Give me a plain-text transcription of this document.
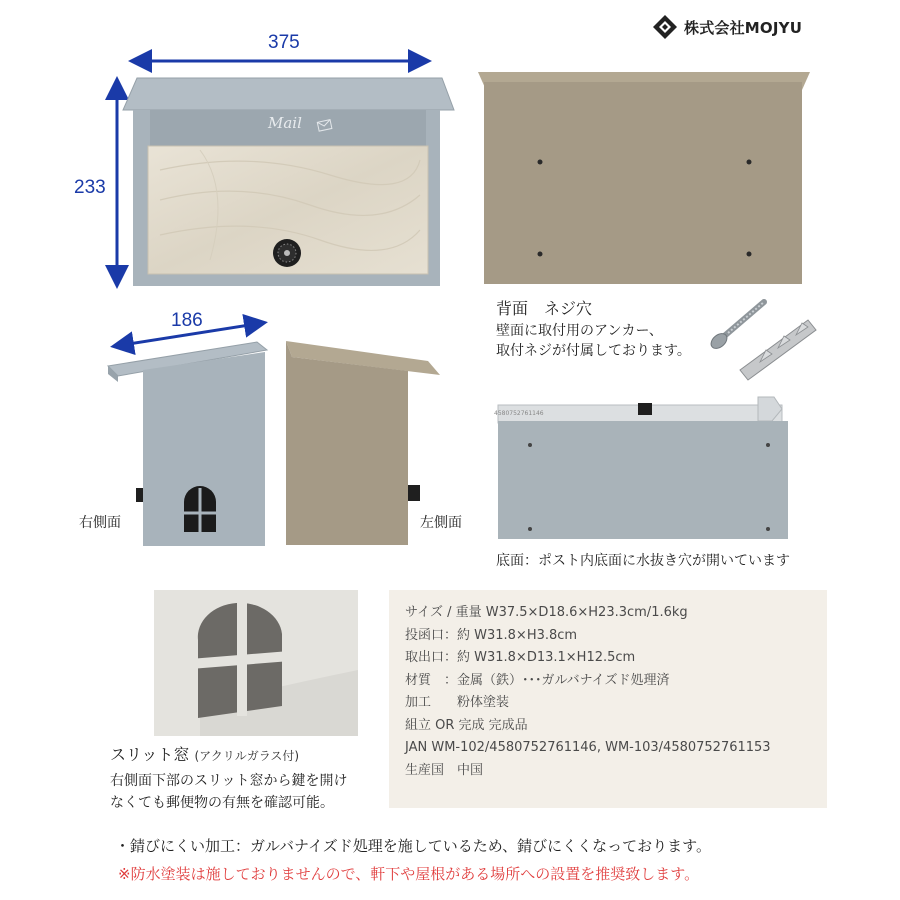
株式会社MOJYU
Mail
375
233
背面　ネジ穴
壁面に取付用のアンカー、
取付ネジが付属しております。
186
右側面	左側面
4580752761146
底面：ポスト内底面に水抜き穴が開いています
スリット窓 (アクリルガラス付)
右側面下部のスリット窓から鍵を開け
なくても郵便物の有無を確認可能。
サイズ / 重量 W37.5×D18.6×H23.3cm/1.6kg
投函口：約 W31.8×H3.8cm
取出口：約 W31.8×D13.1×H12.5cm
材質　：金属（鉄）･･･ガルバナイズド処理済
加工　　粉体塗装
組立 OR 完成 完成品
JAN WM-102/4580752761146, WM-103/4580752761153
生産国　中国
・錆びにくい加工：ガルバナイズド処理を施しているため、錆びにくくなっております。
※防水塗装は施しておりませんので、軒下や屋根がある場所への設置を推奨致します。
